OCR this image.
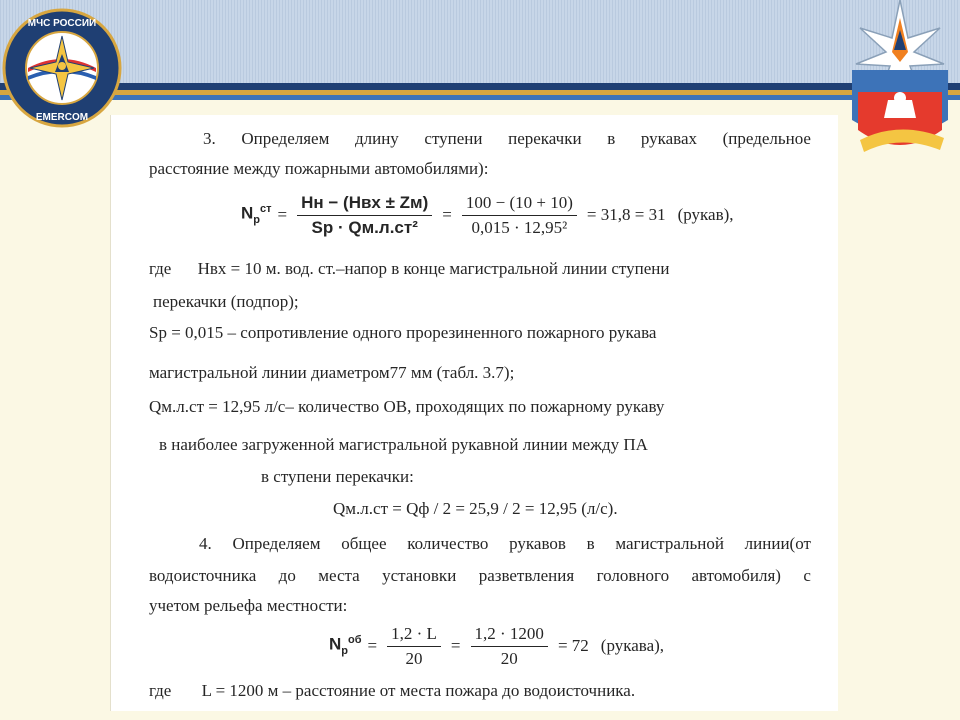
МЧС РОССИИ
EMERCOM
3. Определяем длину ступени перекачки в рукавах (предельное
расстояние между пожарными автомобилями):
$N_р^{ст} = \frac{\text{Hн − (Hвх ± Zм)}}{\text{Sр · Qм.л.ст²}} = \frac{100 - (10 + 10)}{\text{0,015 · 12,95²}} = 31,8 = 31$ (рукав),
где Hвх = 10 м. вод. ст.–напор в конце магистральной линии ступени
перекачки (подпор);
Sр = 0,015 – сопротивление одного прорезиненного пожарного рукава
магистральной линии диаметром77 мм (табл. 3.7);
Qм.л.ст = 12,95 л/с– количество ОВ, проходящих по пожарному рукаву
в наиболее загруженной магистральной рукавной линии между ПА
в ступени перекачки:
Qм.л.ст = Qф / 2 = 25,9 / 2 = 12,95 (л/с).
4. Определяем общее количество рукавов в магистральной линии(от
водоисточника до места установки разветвления головного автомобиля) с
учетом рельефа местности:
$N_р^{об} = \frac{1,2 \cdot L}{20} = \frac{1,2 \cdot 1200}{20} = 72$ (рукава),
где L = 1200 м – расстояние от места пожара до водоисточника.
